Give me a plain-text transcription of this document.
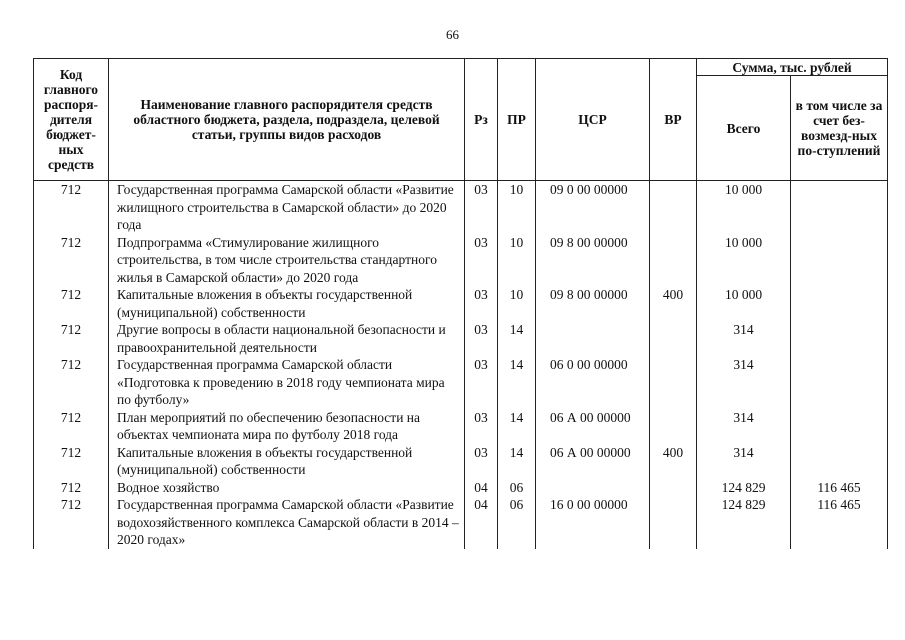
66
Код главного распоря-дителя бюджет-ных средств	Наименование главного распорядителя средств областного бюджета, раздела, подраздела, целевой статьи, группы видов расходов	Рз	ПР	ЦСР	ВР	Сумма, тыс. рублей	
						Всего	в том числе за счет без-возмезд-ных по-ступлений
712	Государственная программа Самарской области «Развитие жилищного строительства в Самарской области» до 2020 года	03	10	09 0 00 00000		10 000	
712	Подпрограмма «Стимулирование жилищного строительства, в том числе строительства стандартного жилья в Самарской области» до 2020 года	03	10	09 8 00 00000		10 000	
712	Капитальные вложения в объекты государственной (муниципальной) собственности	03	10	09 8 00 00000	400	10 000	
712	Другие вопросы в области национальной безопасности и правоохранительной деятельности	03	14			314	
712	Государственная программа Самарской области «Подготовка к проведению в 2018 году чемпионата мира по футболу»	03	14	06 0 00 00000		314	
712	План мероприятий по обеспечению безопасности на объектах чемпионата мира по футболу 2018 года	03	14	06 А 00 00000		314	
712	Капитальные вложения в объекты государственной (муниципальной) собственности	03	14	06 А 00 00000	400	314	
712	Водное хозяйство	04	06			124 829	116 465
712	Государственная программа Самарской области «Развитие водохозяйственного комплекса Самарской области в 2014 – 2020 годах»	04	06	16 0 00 00000		124 829	116 465
